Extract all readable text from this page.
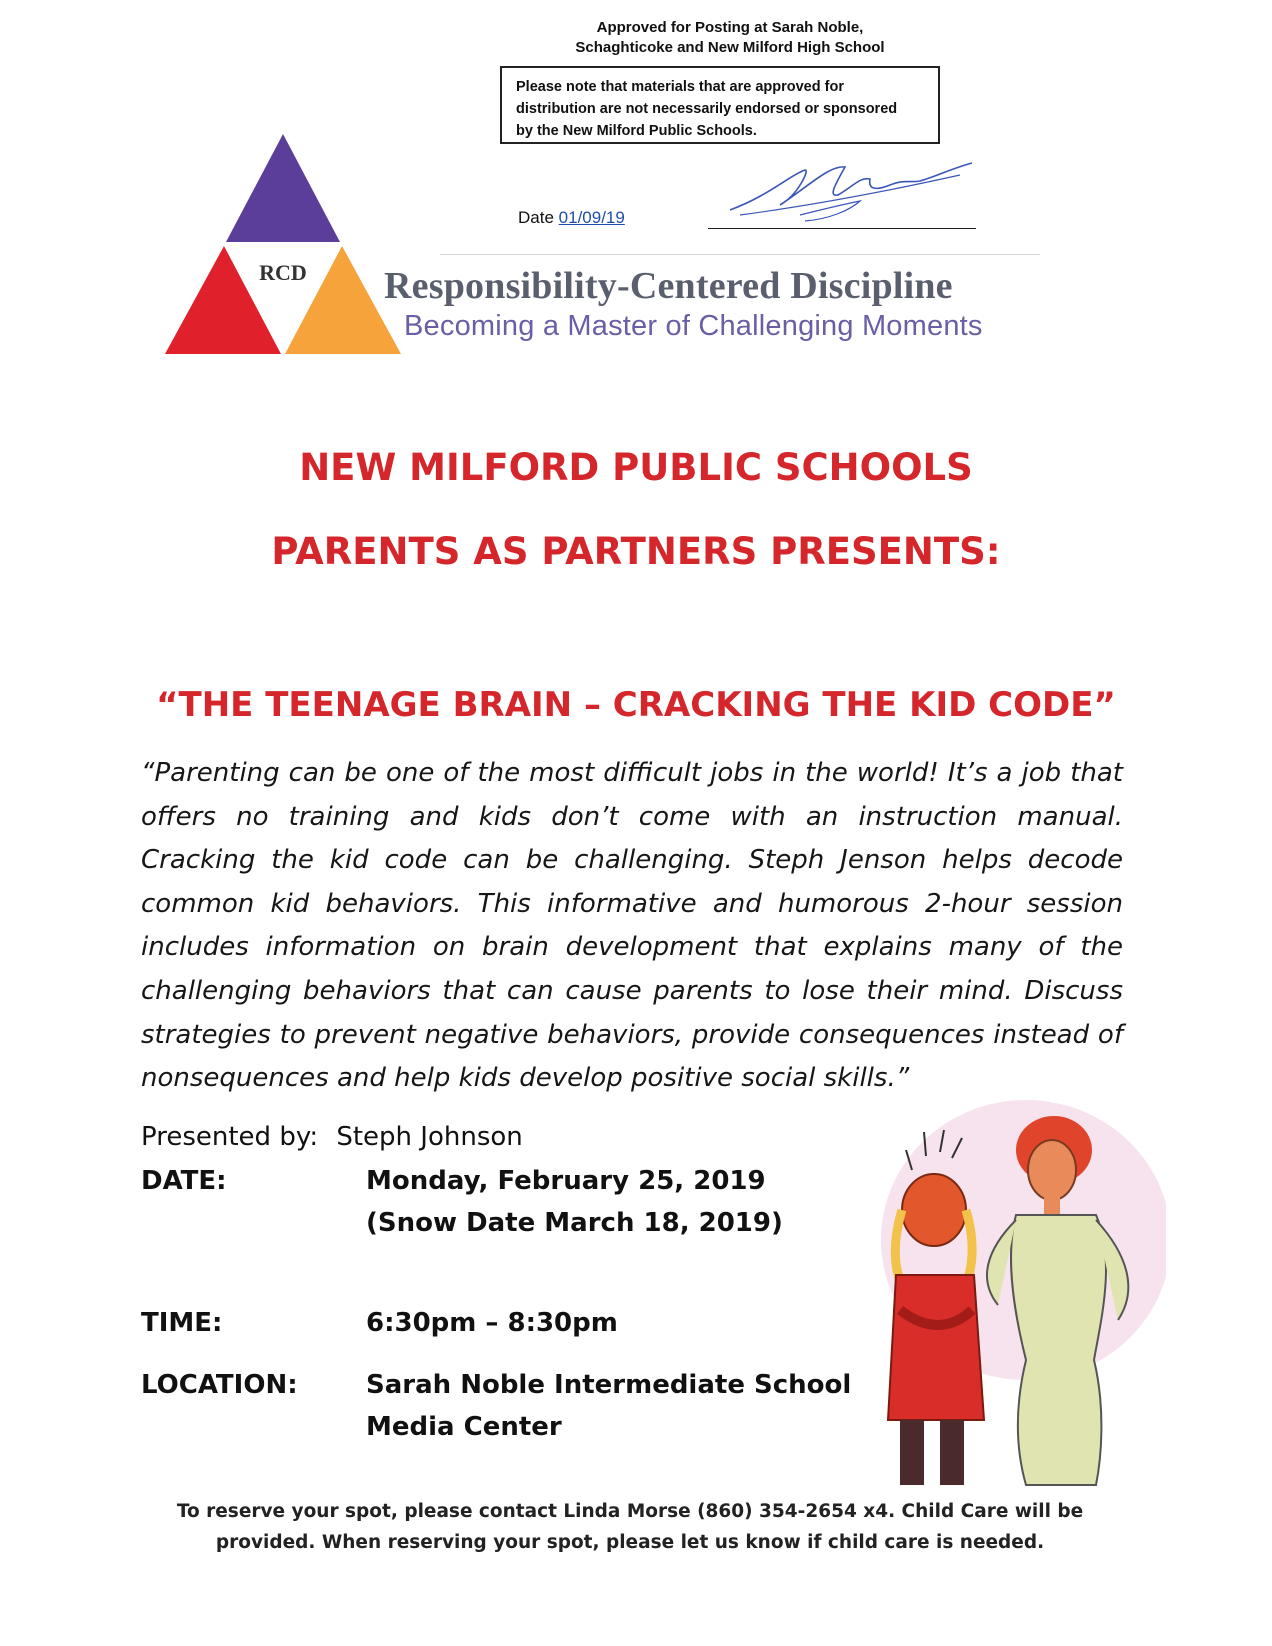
Approved for Posting at Sarah Noble,
Schaghticoke and New Milford High School
Please note that materials that are approved for
distribution are not necessarily endorsed or sponsored
by the New Milford Public Schools.
Date 01/09/19
RCD Responsibility-Centered Discipline
Becoming a Master of Challenging Moments
NEW MILFORD PUBLIC SCHOOLS
PARENTS AS PARTNERS PRESENTS:
“THE TEENAGE BRAIN – CRACKING THE KID CODE”
“Parenting can be one of the most difficult jobs in the world! It’s a job that offers no training and kids don’t come with an instruction manual. Cracking the kid code can be challenging. Steph Jenson helps decode common kid behaviors. This informative and humorous 2-hour session includes information on brain development that explains many of the challenging behaviors that can cause parents to lose their mind. Discuss strategies to prevent negative behaviors, provide consequences instead of nonsequences and help kids develop positive social skills.”
Presented by: Steph Johnson
DATE:	Monday, February 25, 2019
(Snow Date March 18, 2019)
TIME:	6:30pm – 8:30pm
LOCATION:	Sarah Noble Intermediate School
Media Center
To reserve your spot, please contact Linda Morse (860) 354-2654 x4. Child Care will be
provided. When reserving your spot, please let us know if child care is needed.
